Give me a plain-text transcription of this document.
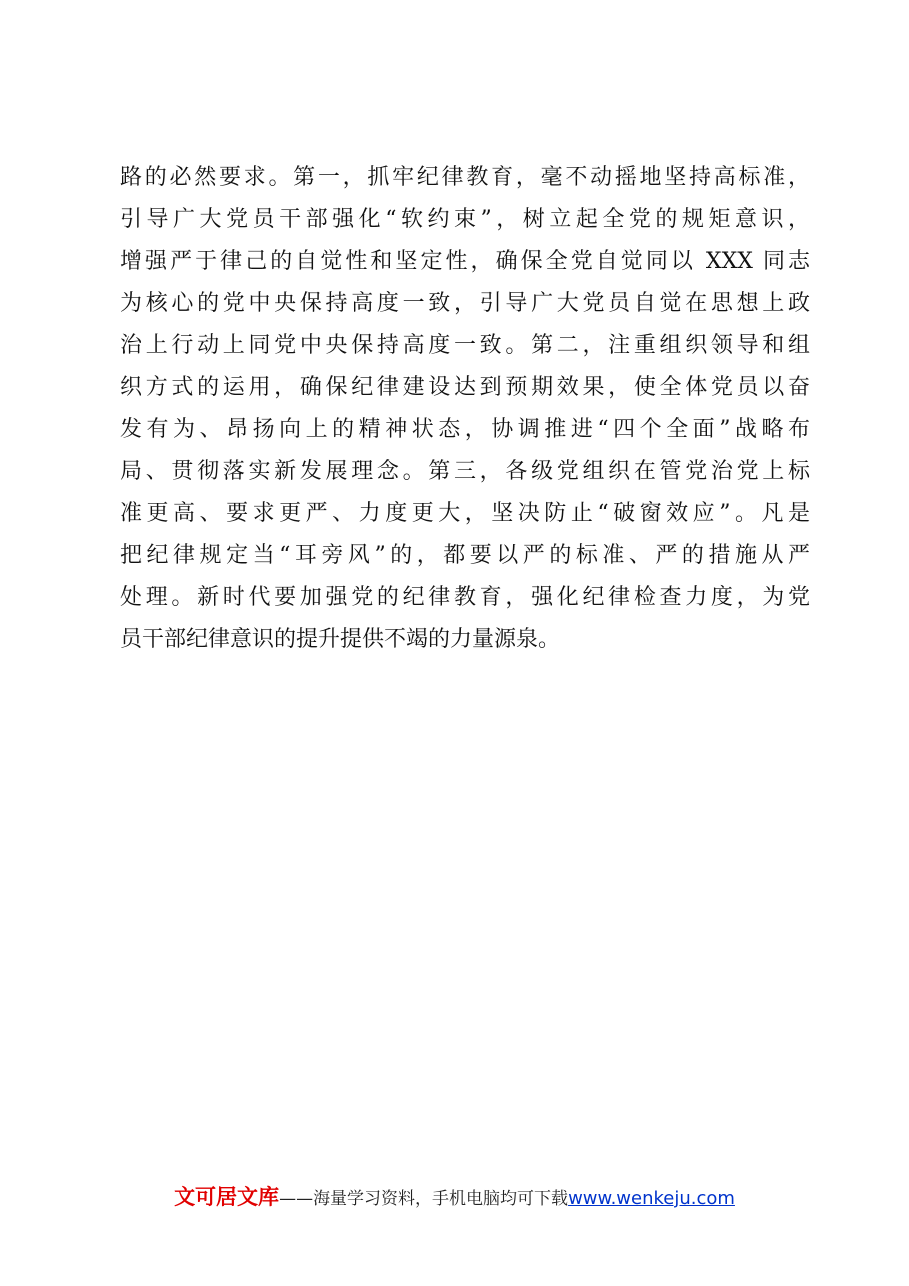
路的必然要求。第一，抓牢纪律教育，毫不动摇地坚持高标准，
引导广大党员干部强化“软约束”，树立起全党的规矩意识，
增强严于律己的自觉性和坚定性，确保全党自觉同以 XXX 同志
为核心的党中央保持高度一致，引导广大党员自觉在思想上政
治上行动上同党中央保持高度一致。第二，注重组织领导和组
织方式的运用，确保纪律建设达到预期效果，使全体党员以奋
发有为、昂扬向上的精神状态，协调推进“四个全面”战略布
局、贯彻落实新发展理念。第三，各级党组织在管党治党上标
准更高、要求更严、力度更大，坚决防止“破窗效应”。凡是
把纪律规定当“耳旁风”的，都要以严的标准、严的措施从严
处理。新时代要加强党的纪律教育，强化纪律检查力度，为党
员干部纪律意识的提升提供不竭的力量源泉。
文可居文库——海量学习资料，手机电脑均可下载www.wenkeju.com
